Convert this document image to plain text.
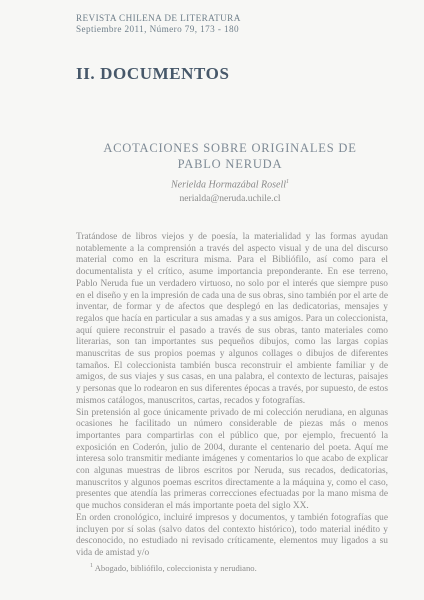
REVISTA CHILENA DE LITERATURA
Septiembre 2011, Número 79, 173 - 180
II. DOCUMENTOS
ACOTACIONES SOBRE ORIGINALES DE PABLO NERUDA
Nerielda Hormazábal Rosell$^1$
nerialda@neruda.uchile.cl

Tratándose de libros viejos y de poesía, la materialidad y las formas ayudan notablemente a la comprensión a través del aspecto visual y de una del discurso material como en la escritura misma. Para el Bibliófilo, así como para el documentalista y el crítico, asume importancia preponderante. En ese terreno, Pablo Neruda fue un verdadero virtuoso, no solo por el interés que siempre puso en el diseño y en la impresión de cada una de sus obras, sino también por el arte de inventar, de formar y de afectos que desplegó en las dedicatorias, mensajes y regalos que hacía en particular a sus amadas y a sus amigos. Para un coleccionista, aquí quiere reconstruir el pasado a través de sus obras, tanto materiales como literarias, son tan importantes sus pequeños dibujos, como las largas copias manuscritas de sus propios poemas y algunos collages o dibujos de diferentes tamaños. El coleccionista también busca reconstruir el ambiente familiar y de amigos, de sus viajes y sus casas, en una palabra, el contexto de lecturas, paisajes y personas que lo rodearon en sus diferentes épocas a través, por supuesto, de estos mismos catálogos, manuscritos, cartas, recados y fotografías.

Sin pretensión al goce únicamente privado de mi colección nerudiana, en algunas ocasiones he facilitado un número considerable de piezas más o menos importantes para compartirlas con el público que, por ejemplo, frecuentó la exposición en Coderón, julio de 2004, durante el centenario del poeta. Aquí me interesa solo transmitir mediante imágenes y comentarios lo que acabo de explicar con algunas muestras de libros escritos por Neruda, sus recados, dedicatorias, manuscritos y algunos poemas escritos directamente a la máquina y, como el caso, presentes que atendía las primeras correcciones efectuadas por la mano misma de que muchos consideran el más importante poeta del siglo XX.

En orden cronológico, incluiré impresos y documentos, y también fotografías que incluyen por sí solas (salvo datos del contexto histórico), todo material inédito y desconocido, no estudiado ni revisado críticamente, elementos muy ligados a su vida de amistad y/o

$^1$ Abogado, bibliófilo, coleccionista y nerudiano.
